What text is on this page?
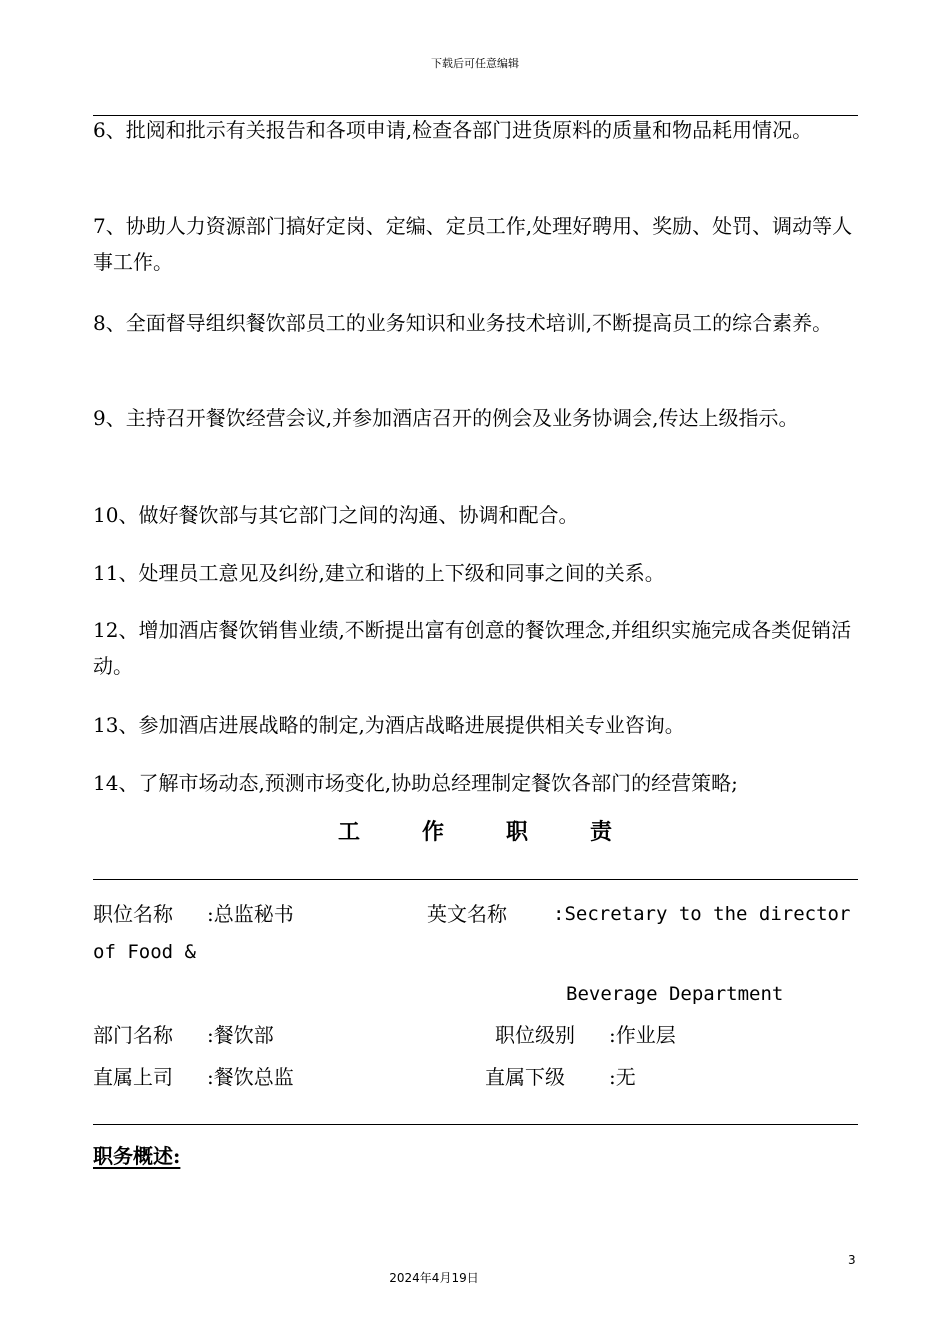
下载后可任意编辑

6、批阅和批示有关报告和各项申请,检查各部门进货原料的质量和物品耗用情况。

7、协助人力资源部门搞好定岗、定编、定员工作,处理好聘用、奖励、处罚、调动等人事工作。

8、全面督导组织餐饮部员工的业务知识和业务技术培训,不断提高员工的综合素养。

9、主持召开餐饮经营会议,并参加酒店召开的例会及业务协调会,传达上级指示。

10、做好餐饮部与其它部门之间的沟通、协调和配合。

11、处理员工意见及纠纷,建立和谐的上下级和同事之间的关系。

12、增加酒店餐饮销售业绩,不断提出富有创意的餐饮理念,并组织实施完成各类促销活动。

13、参加酒店进展战略的制定,为酒店战略进展提供相关专业咨询。

14、了解市场动态,预测市场变化,协助总经理制定餐饮各部门的经营策略;

工	作	职	责
职位名称 :总监秘书	英文名称 :Secretary to the director
of Food &
Beverage Department
部门名称 :餐饮部	职位级别 :作业层
直属上司 :餐饮总监	直属下级 :无
职务概述:
3
2024年4月19日
